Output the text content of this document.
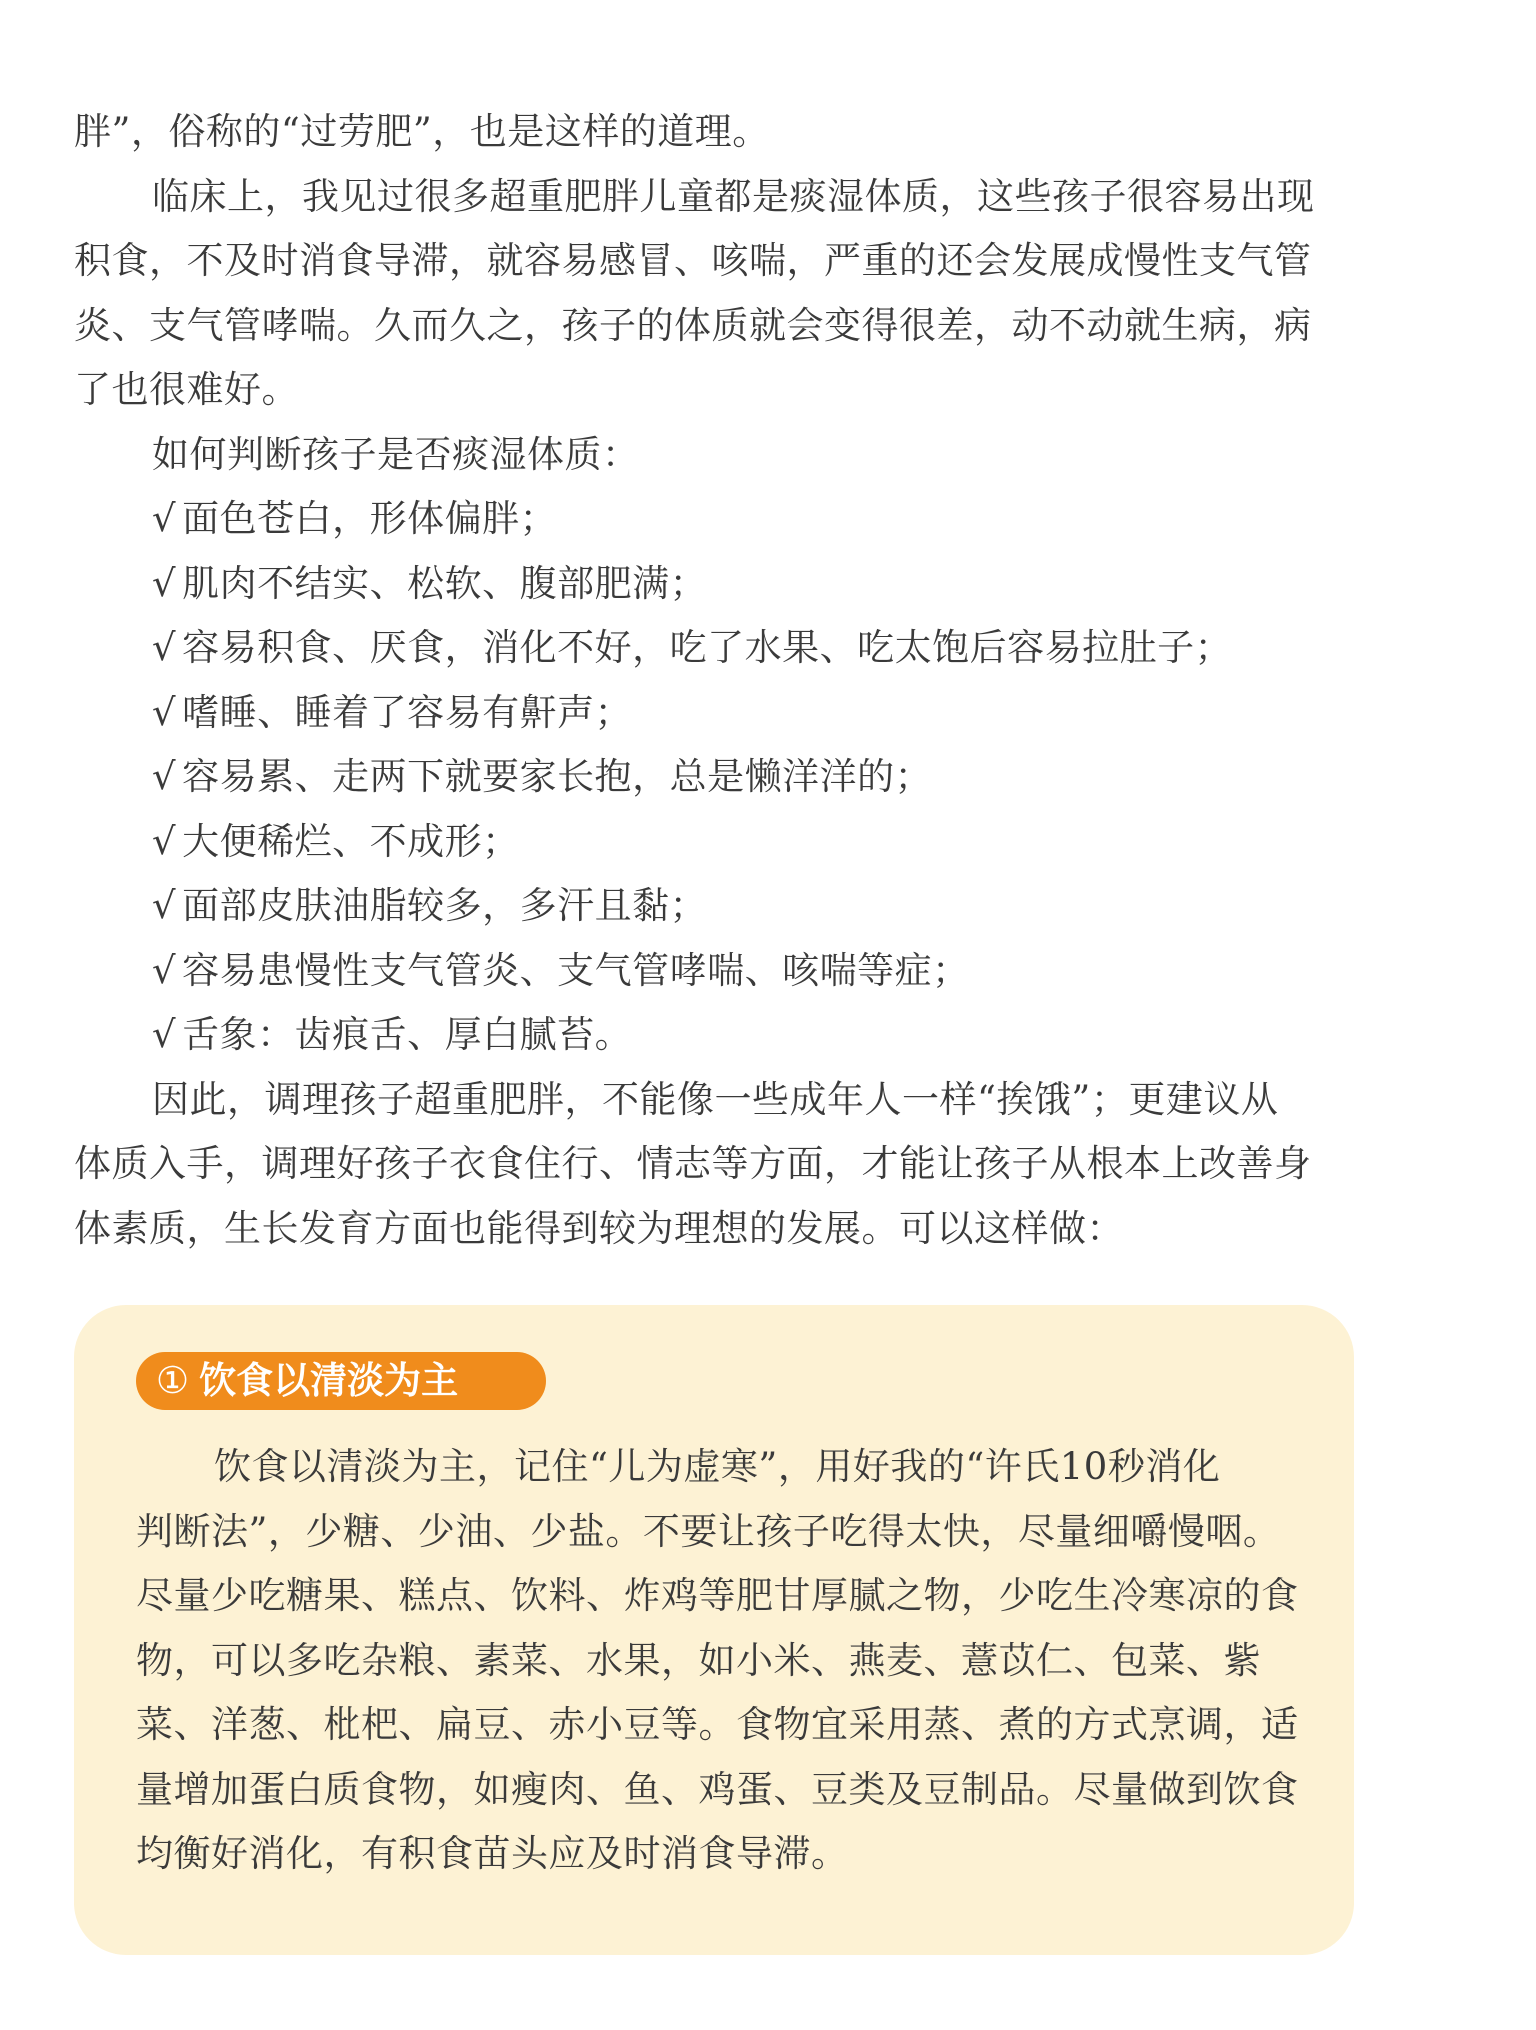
胖”，俗称的“过劳肥”，也是这样的道理。
临床上，我见过很多超重肥胖儿童都是痰湿体质，这些孩子很容易出现
积食，不及时消食导滞，就容易感冒、咳喘，严重的还会发展成慢性支气管
炎、支气管哮喘。久而久之，孩子的体质就会变得很差，动不动就生病，病
了也很难好。
如何判断孩子是否痰湿体质：
√ 面色苍白，形体偏胖；
√ 肌肉不结实、松软、腹部肥满；
√ 容易积食、厌食，消化不好，吃了水果、吃太饱后容易拉肚子；
√ 嗜睡、睡着了容易有鼾声；
√ 容易累、走两下就要家长抱，总是懒洋洋的；
√ 大便稀烂、不成形；
√ 面部皮肤油脂较多，多汗且黏；
√ 容易患慢性支气管炎、支气管哮喘、咳喘等症；
√ 舌象：齿痕舌、厚白腻苔。
因此，调理孩子超重肥胖，不能像一些成年人一样“挨饿”；更建议从
体质入手，调理好孩子衣食住行、情志等方面，才能让孩子从根本上改善身
体素质，生长发育方面也能得到较为理想的发展。可以这样做：
① 饮食以清淡为主
饮食以清淡为主，记住“儿为虚寒”，用好我的“许氏10秒消化
判断法”，少糖、少油、少盐。不要让孩子吃得太快，尽量细嚼慢咽。
尽量少吃糖果、糕点、饮料、炸鸡等肥甘厚腻之物，少吃生冷寒凉的食
物，可以多吃杂粮、素菜、水果，如小米、燕麦、薏苡仁、包菜、紫
菜、洋葱、枇杷、扁豆、赤小豆等。食物宜采用蒸、煮的方式烹调，适
量增加蛋白质食物，如瘦肉、鱼、鸡蛋、豆类及豆制品。尽量做到饮食
均衡好消化，有积食苗头应及时消食导滞。
